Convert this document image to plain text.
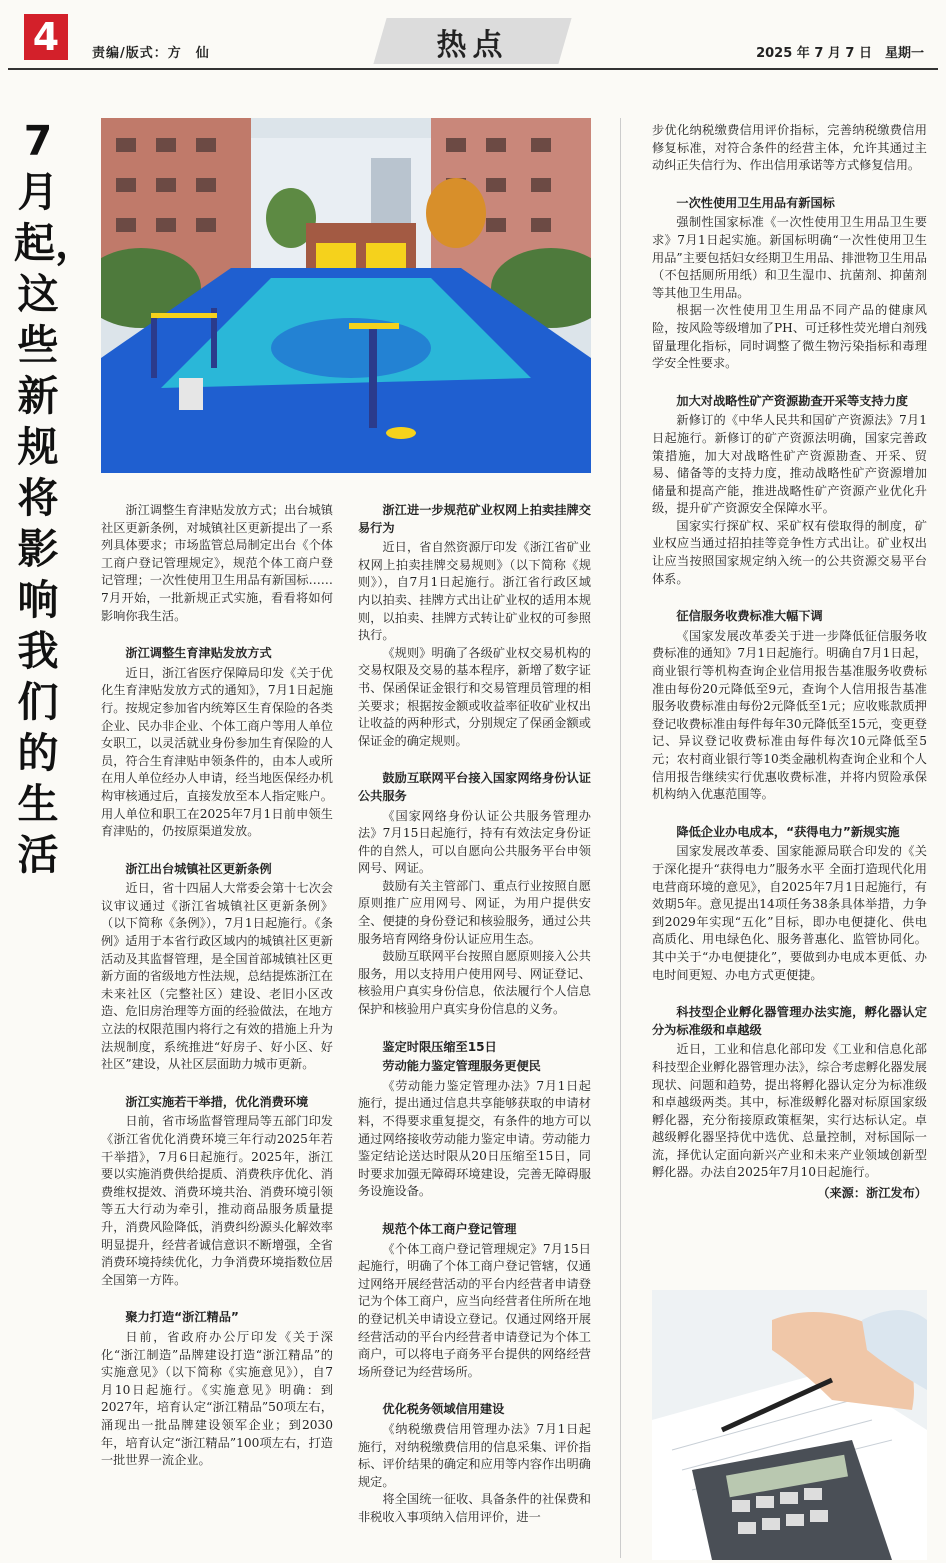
4	责编/版式：方　仙	热点	2025 年 7 月 7 日　星期一
7
月
起，
这
些
新
规
将
影
响
我
们
的
生
活

浙江调整生育津贴发放方式；出台城镇社区更新条例，对城镇社区更新提出了一系列具体要求；市场监管总局制定出台《个体工商户登记管理规定》，规范个体工商户登记管理；一次性使用卫生用品有新国标……7月开始，一批新规正式实施，看看将如何影响你我生活。

浙江调整生育津贴发放方式

近日，浙江省医疗保障局印发《关于优化生育津贴发放方式的通知》，7月1日起施行。按规定参加省内统筹区生育保险的各类企业、民办非企业、个体工商户等用人单位女职工，以灵活就业身份参加生育保险的人员，符合生育津贴申领条件的，由本人或所在用人单位经办人申请，经当地医保经办机构审核通过后，直接发放至本人指定账户。用人单位和职工在2025年7月1日前申领生育津贴的，仍按原渠道发放。

浙江出台城镇社区更新条例

近日，省十四届人大常委会第十七次会议审议通过《浙江省城镇社区更新条例》（以下简称《条例》），7月1日起施行。《条例》适用于本省行政区域内的城镇社区更新活动及其监督管理，是全国首部城镇社区更新方面的省级地方性法规，总结提炼浙江在未来社区（完整社区）建设、老旧小区改造、危旧房治理等方面的经验做法，在地方立法的权限范围内将行之有效的措施上升为法规制度，系统推进“好房子、好小区、好社区”建设，从社区层面助力城市更新。

浙江实施若干举措，优化消费环境

日前，省市场监督管理局等五部门印发《浙江省优化消费环境三年行动2025年若干举措》，7月6日起施行。2025年，浙江要以实施消费供给提质、消费秩序优化、消费维权提效、消费环境共治、消费环境引领等五大行动为牵引，推动商品服务质量提升，消费风险降低，消费纠纷源头化解效率明显提升，经营者诚信意识不断增强，全省消费环境持续优化，力争消费环境指数位居全国第一方阵。

聚力打造“浙江精品”

日前，省政府办公厅印发《关于深化“浙江制造”品牌建设打造“浙江精品”的实施意见》（以下简称《实施意见》），自7月10日起施行。《实施意见》明确：到2027年，培育认定“浙江精品”50项左右，涌现出一批品牌建设领军企业；到2030年，培育认定“浙江精品”100项左右，打造一批世界一流企业。

浙江进一步规范矿业权网上拍卖挂牌交易行为

近日，省自然资源厅印发《浙江省矿业权网上拍卖挂牌交易规则》（以下简称《规则》），自7月1日起施行。浙江省行政区域内以拍卖、挂牌方式出让矿业权的适用本规则，以拍卖、挂牌方式转让矿业权的可参照执行。

《规则》明确了各级矿业权交易机构的交易权限及交易的基本程序，新增了数字证书、保函保证金银行和交易管理员管理的相关要求；根据按金额或收益率征收矿业权出让收益的两种形式，分别规定了保函金额或保证金的确定规则。

鼓励互联网平台接入国家网络身份认证公共服务

《国家网络身份认证公共服务管理办法》7月15日起施行，持有有效法定身份证件的自然人，可以自愿向公共服务平台申领网号、网证。

鼓励有关主管部门、重点行业按照自愿原则推广应用网号、网证，为用户提供安全、便捷的身份登记和核验服务，通过公共服务培育网络身份认证应用生态。

鼓励互联网平台按照自愿原则接入公共服务，用以支持用户使用网号、网证登记、核验用户真实身份信息，依法履行个人信息保护和核验用户真实身份信息的义务。

鉴定时限压缩至15日
劳动能力鉴定管理服务更便民

《劳动能力鉴定管理办法》7月1日起施行，提出通过信息共享能够获取的申请材料，不得要求重复提交，有条件的地方可以通过网络接收劳动能力鉴定申请。劳动能力鉴定结论送达时限从20日压缩至15日，同时要求加强无障碍环境建设，完善无障碍服务设施设备。

规范个体工商户登记管理

《个体工商户登记管理规定》7月15日起施行，明确了个体工商户登记管辖，仅通过网络开展经营活动的平台内经营者申请登记为个体工商户，应当向经营者住所所在地的登记机关申请设立登记。仅通过网络开展经营活动的平台内经营者申请登记为个体工商户，可以将电子商务平台提供的网络经营场所登记为经营场所。

优化税务领域信用建设

《纳税缴费信用管理办法》7月1日起施行，对纳税缴费信用的信息采集、评价指标、评价结果的确定和应用等内容作出明确规定。

将全国统一征收、具备条件的社保费和非税收入事项纳入信用评价，进一

步优化纳税缴费信用评价指标，完善纳税缴费信用修复标准，对符合条件的经营主体，允许其通过主动纠正失信行为、作出信用承诺等方式修复信用。

一次性使用卫生用品有新国标

强制性国家标准《一次性使用卫生用品卫生要求》7月1日起实施。新国标明确“一次性使用卫生用品”主要包括妇女经期卫生用品、排泄物卫生用品（不包括厕所用纸）和卫生湿巾、抗菌剂、抑菌剂等其他卫生用品。

根据一次性使用卫生用品不同产品的健康风险，按风险等级增加了PH、可迁移性荧光增白剂残留量理化指标，同时调整了微生物污染指标和毒理学安全性要求。

加大对战略性矿产资源勘查开采等支持力度

新修订的《中华人民共和国矿产资源法》7月1日起施行。新修订的矿产资源法明确，国家完善政策措施，加大对战略性矿产资源勘查、开采、贸易、储备等的支持力度，推动战略性矿产资源增加储量和提高产能，推进战略性矿产资源产业优化升级，提升矿产资源安全保障水平。

国家实行探矿权、采矿权有偿取得的制度，矿业权应当通过招拍挂等竞争性方式出让。矿业权出让应当按照国家规定纳入统一的公共资源交易平台体系。

征信服务收费标准大幅下调

《国家发展改革委关于进一步降低征信服务收费标准的通知》7月1日起施行。明确自7月1日起，商业银行等机构查询企业信用报告基准服务收费标准由每份20元降低至9元，查询个人信用报告基准服务收费标准由每份2元降低至1元；应收账款质押登记收费标准由每件每年30元降低至15元，变更登记、异议登记收费标准由每件每次10元降低至5元；农村商业银行等10类金融机构查询企业和个人信用报告继续实行优惠收费标准，并将内贸险承保机构纳入优惠范围等。

降低企业办电成本，“获得电力”新规实施

国家发展改革委、国家能源局联合印发的《关于深化提升“获得电力”服务水平 全面打造现代化用电营商环境的意见》，自2025年7月1日起施行，有效期5年。意见提出14项任务38条具体举措，力争到2029年实现“五化”目标，即办电便捷化、供电高质化、用电绿色化、服务普惠化、监管协同化。其中关于“办电便捷化”，要做到办电成本更低、办电时间更短、办电方式更便捷。

科技型企业孵化器管理办法实施，孵化器认定分为标准级和卓越级

近日，工业和信息化部印发《工业和信息化部科技型企业孵化器管理办法》，综合考虑孵化器发展现状、问题和趋势，提出将孵化器认定分为标准级和卓越级两类。其中，标准级孵化器对标原国家级孵化器，充分衔接原政策框架，实行达标认定。卓越级孵化器坚持优中选优、总量控制，对标国际一流，择优认定面向新兴产业和未来产业领域创新型孵化器。办法自2025年7月10日起施行。

（来源：浙江发布）
